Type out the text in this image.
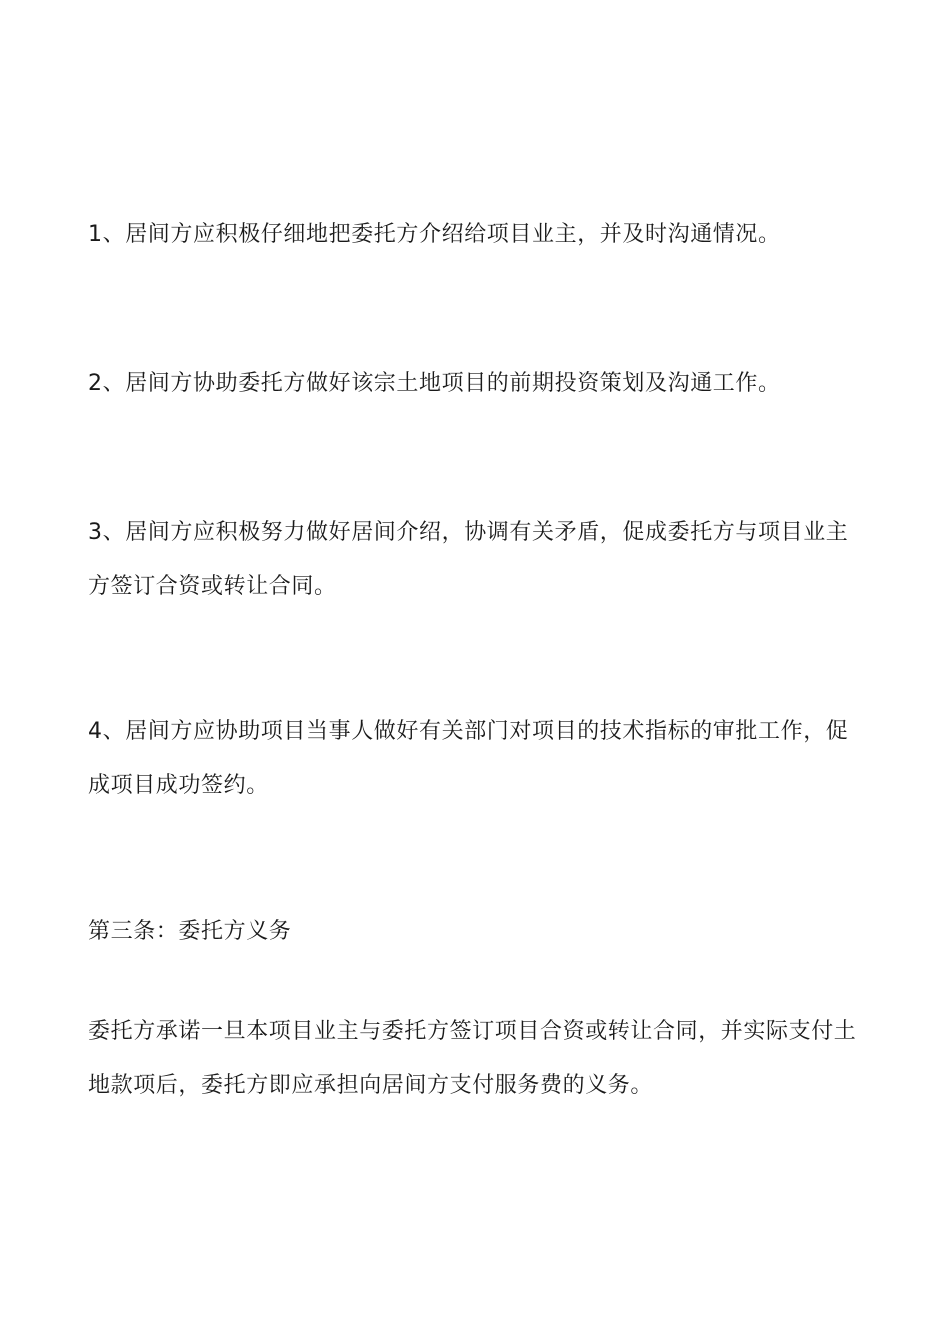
1、居间方应积极仔细地把委托方介绍给项目业主，并及时沟通情况。

2、居间方协助委托方做好该宗土地项目的前期投资策划及沟通工作。

3、居间方应积极努力做好居间介绍，协调有关矛盾，促成委托方与项目业主方签订合资或转让合同。

4、居间方应协助项目当事人做好有关部门对项目的技术指标的审批工作，促成项目成功签约。

第三条：委托方义务

委托方承诺一旦本项目业主与委托方签订项目合资或转让合同，并实际支付土地款项后，委托方即应承担向居间方支付服务费的义务。
